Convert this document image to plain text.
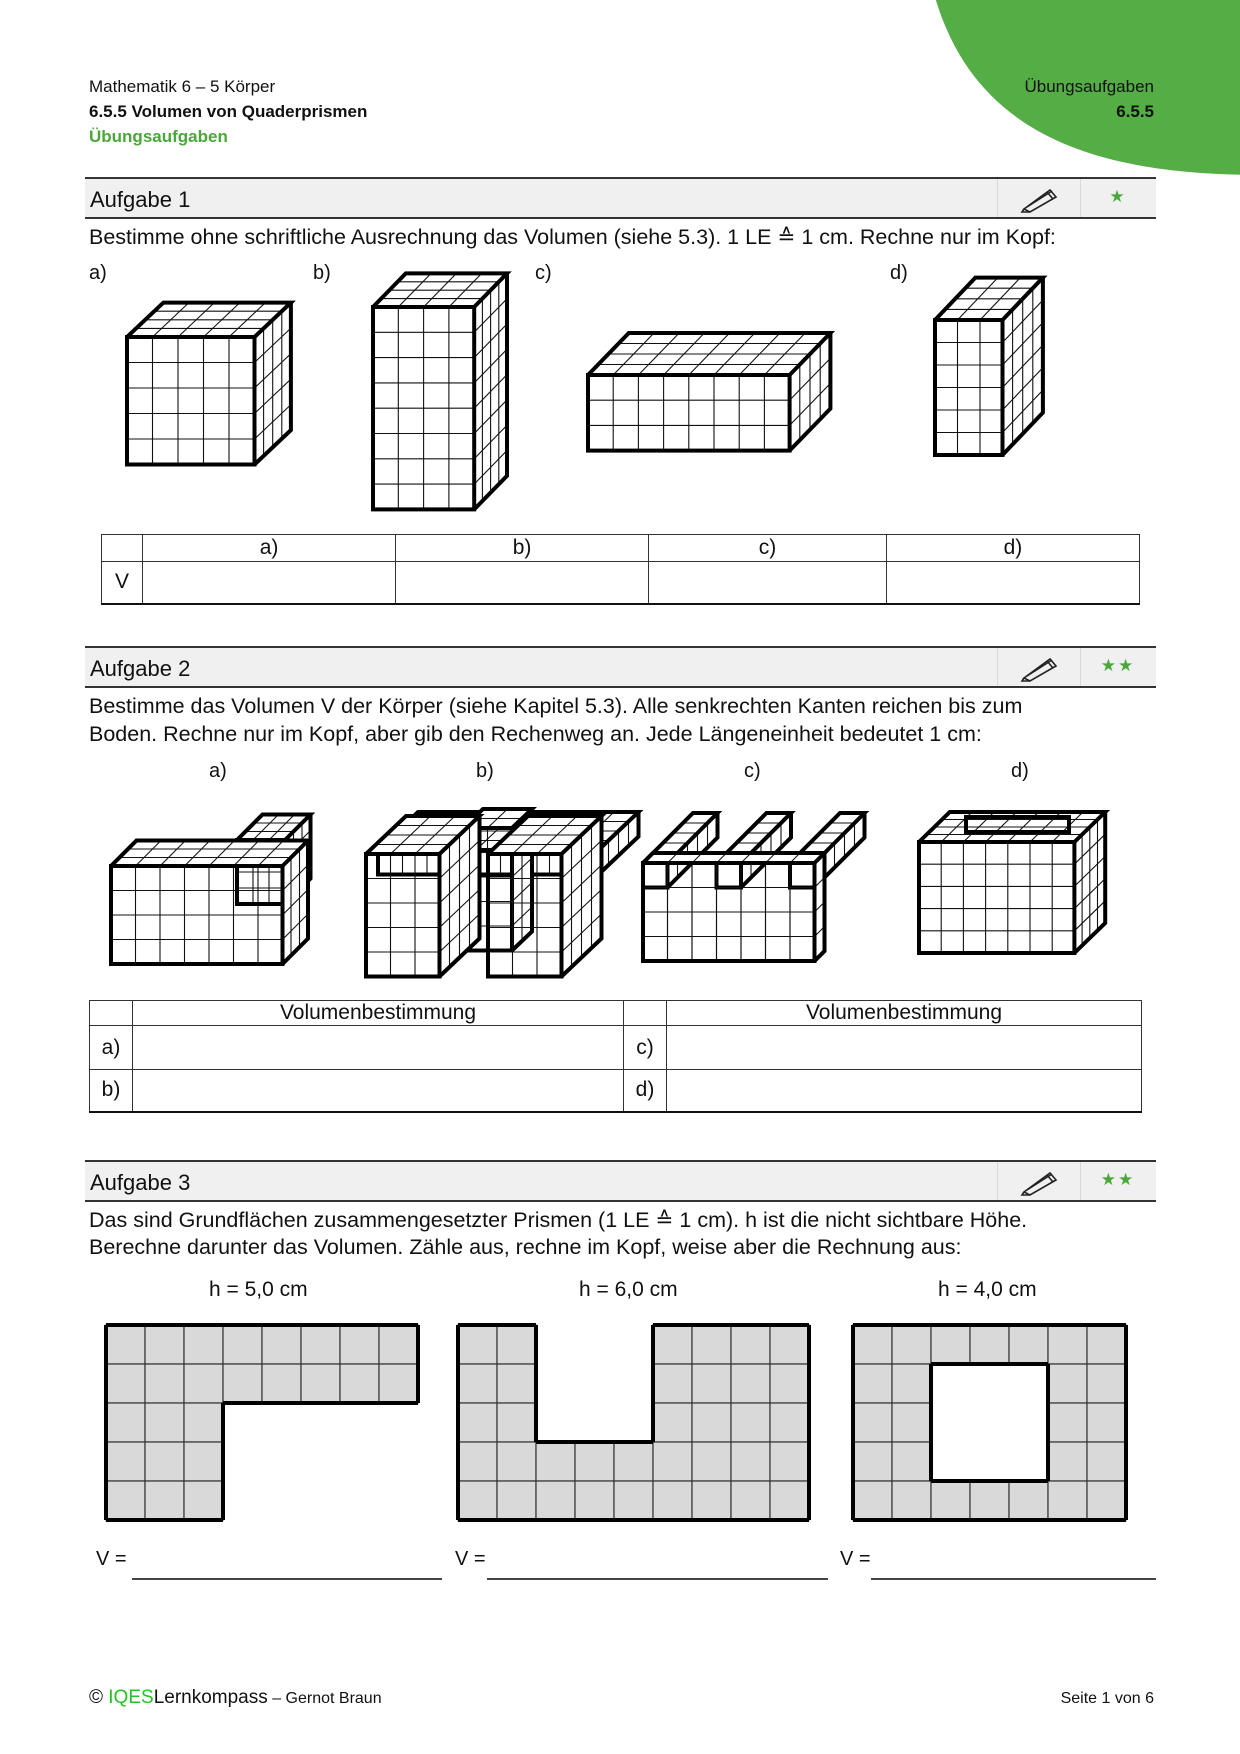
Mathematik 6 – 5 Körper
6.5.5 Volumen von Quaderprismen
Übungsaufgaben
Übungsaufgaben
6.5.5
Aufgabe 1	★
Bestimme ohne schriftliche Ausrechnung das Volumen (siehe 5.3). 1 LE ≙ 1 cm. Rechne nur im Kopf:
a)	b)	c)	d)
	a)	b)	c)	d)
V				
Aufgabe 2	★★
Bestimme das Volumen V der Körper (siehe Kapitel 5.3). Alle senkrechten Kanten reichen bis zum
Boden. Rechne nur im Kopf, aber gib den Rechenweg an. Jede Längeneinheit bedeutet 1 cm:
a)	b)	c)	d)
	Volumenbestimmung		Volumenbestimmung
a)		c)	
b)		d)	
Aufgabe 3	★★
Das sind Grundflächen zusammengesetzter Prismen (1 LE ≙ 1 cm). h ist die nicht sichtbare Höhe.
Berechne darunter das Volumen. Zähle aus, rechne im Kopf, weise aber die Rechnung aus:
h = 5,0 cm	h = 6,0 cm	h = 4,0 cm
V =	V =	V =
© IQESLernkompass – Gernot Braun	Seite 1 von 6
